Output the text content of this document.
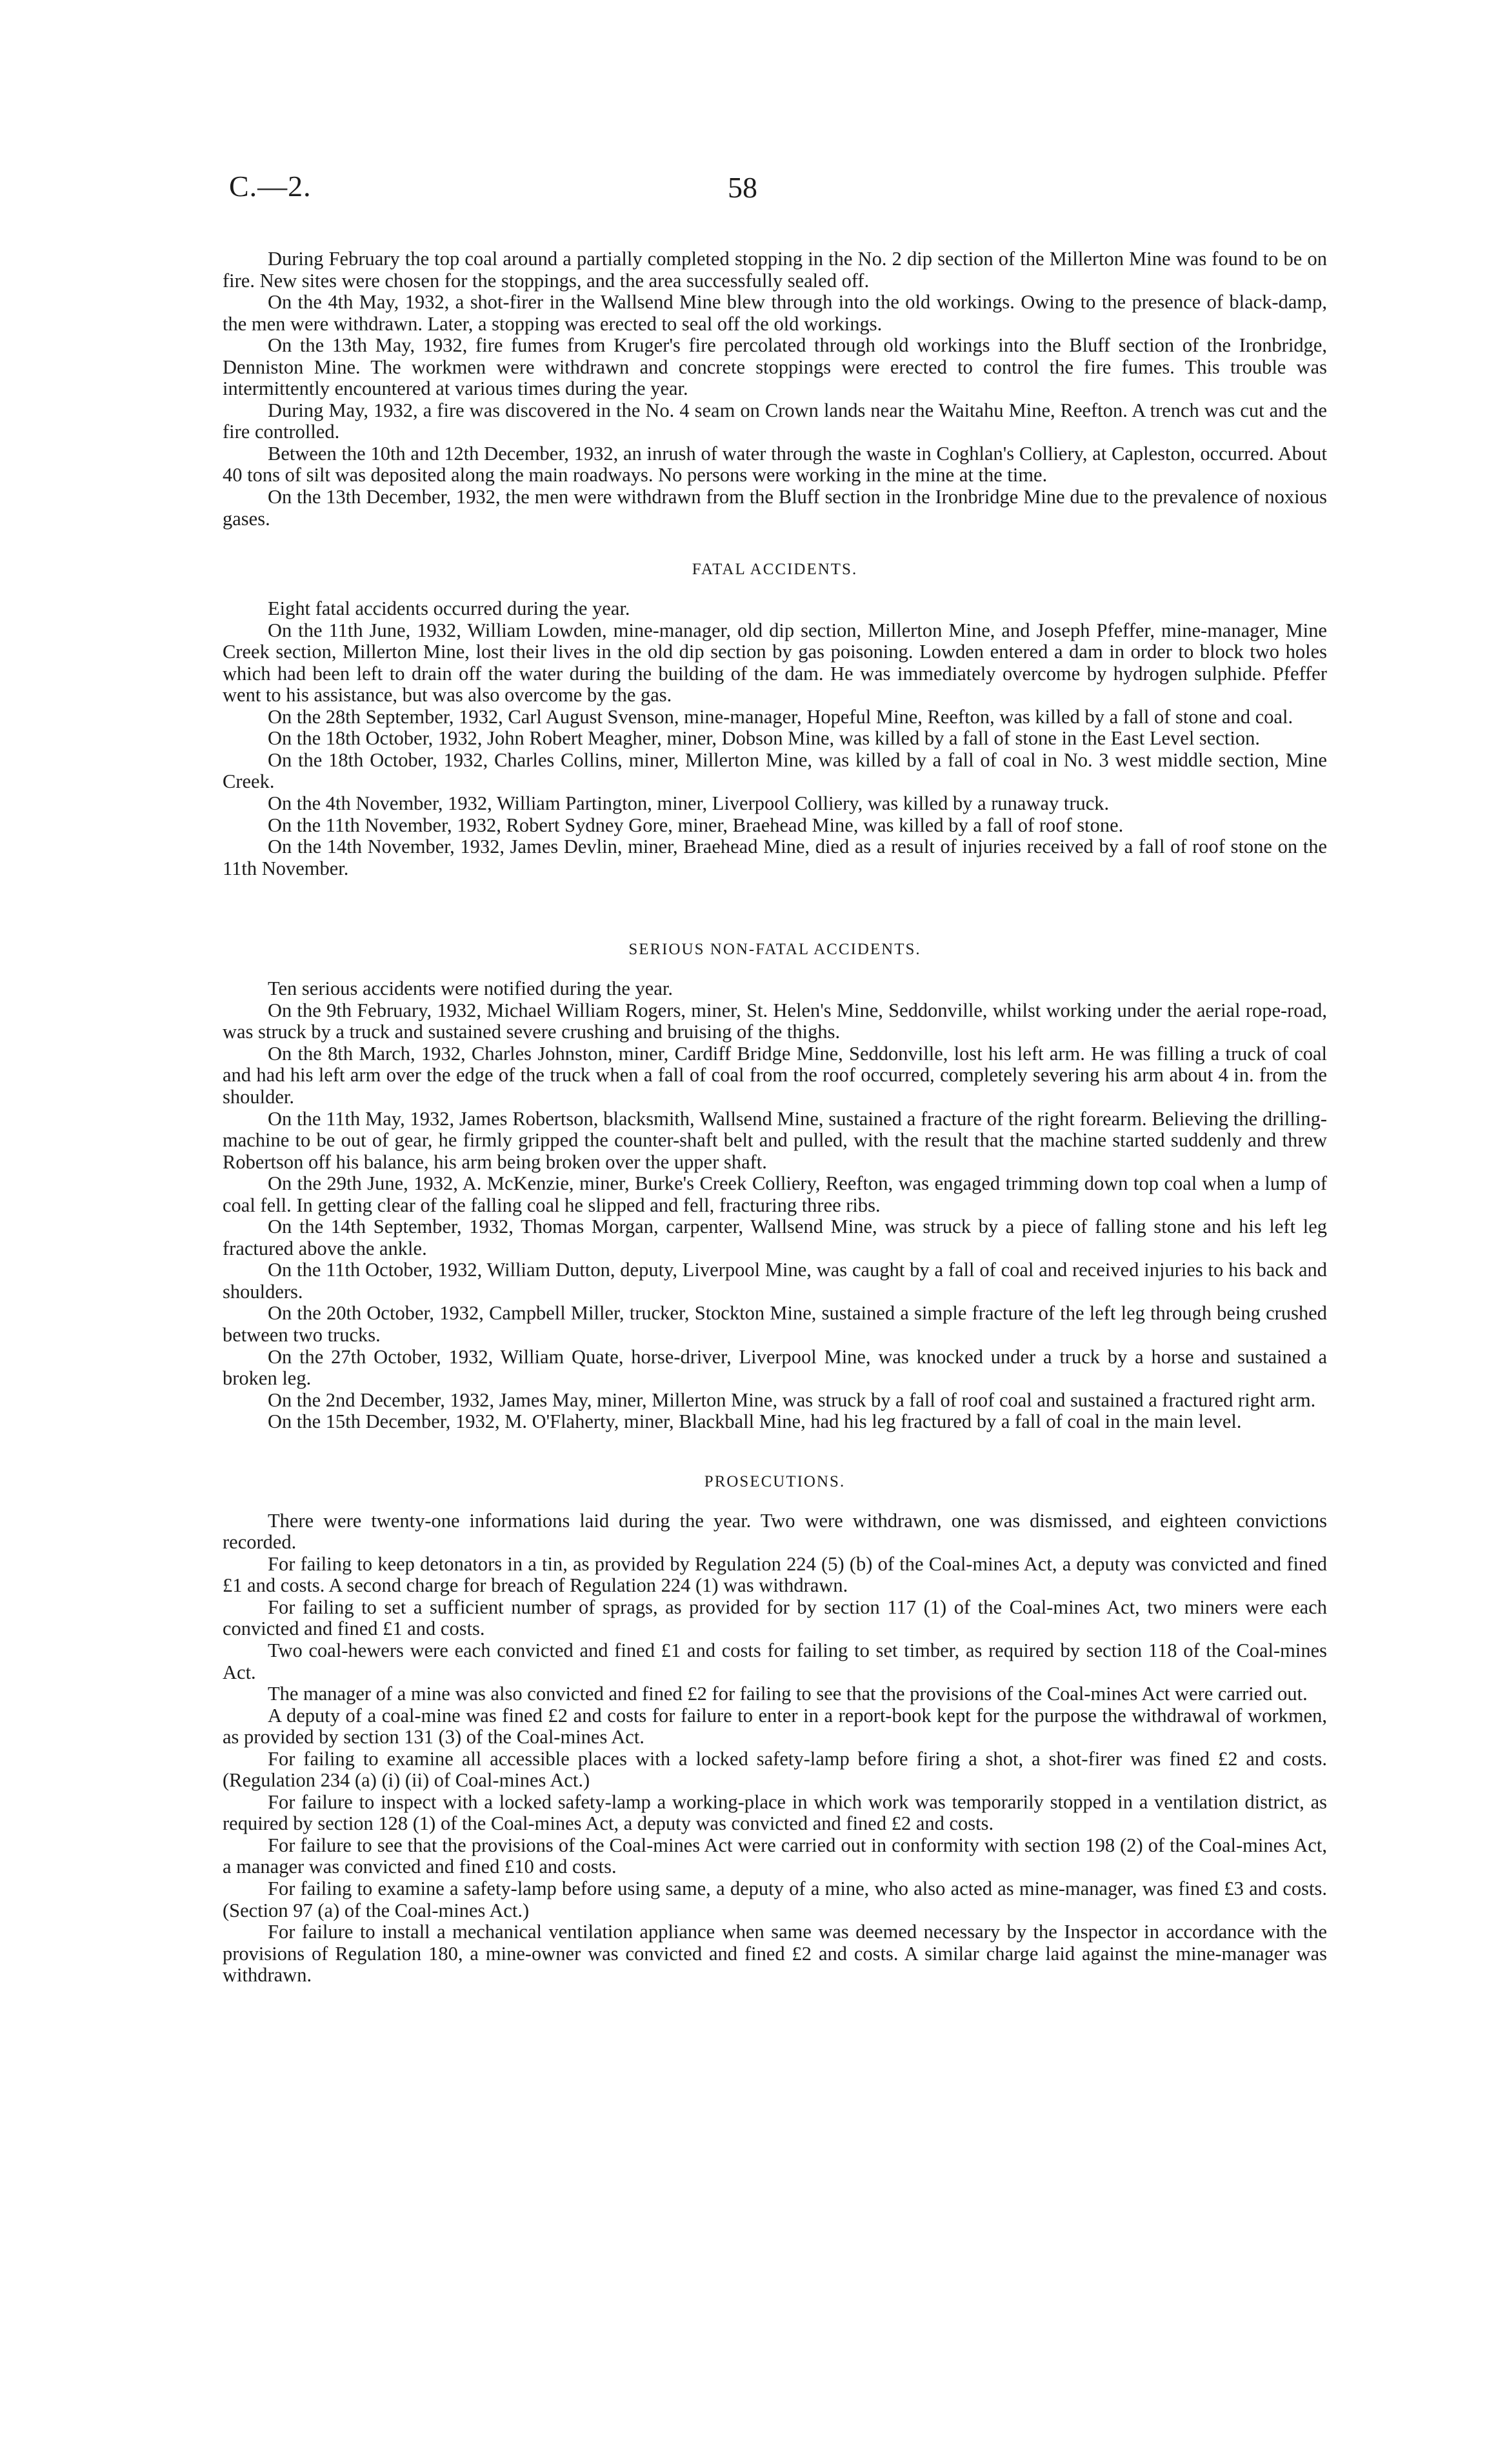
C.—2.	58

During February the top coal around a partially completed stopping in the No. 2 dip section of the Millerton Mine was found to be on fire. New sites were chosen for the stoppings, and the area successfully sealed off.

On the 4th May, 1932, a shot-firer in the Wallsend Mine blew through into the old workings. Owing to the presence of black-damp, the men were withdrawn. Later, a stopping was erected to seal off the old workings.

On the 13th May, 1932, fire fumes from Kruger's fire percolated through old workings into the Bluff section of the Ironbridge, Denniston Mine. The workmen were withdrawn and concrete stoppings were erected to control the fire fumes. This trouble was intermittently encountered at various times during the year.

During May, 1932, a fire was discovered in the No. 4 seam on Crown lands near the Waitahu Mine, Reefton. A trench was cut and the fire controlled.

Between the 10th and 12th December, 1932, an inrush of water through the waste in Coghlan's Colliery, at Capleston, occurred. About 40 tons of silt was deposited along the main roadways. No persons were working in the mine at the time.

On the 13th December, 1932, the men were withdrawn from the Bluff section in the Ironbridge Mine due to the prevalence of noxious gases.

FATAL ACCIDENTS.

Eight fatal accidents occurred during the year.

On the 11th June, 1932, William Lowden, mine-manager, old dip section, Millerton Mine, and Joseph Pfeffer, mine-manager, Mine Creek section, Millerton Mine, lost their lives in the old dip section by gas poisoning. Lowden entered a dam in order to block two holes which had been left to drain off the water during the building of the dam. He was immediately overcome by hydrogen sulphide. Pfeffer went to his assistance, but was also overcome by the gas.

On the 28th September, 1932, Carl August Svenson, mine-manager, Hopeful Mine, Reefton, was killed by a fall of stone and coal.

On the 18th October, 1932, John Robert Meagher, miner, Dobson Mine, was killed by a fall of stone in the East Level section.

On the 18th October, 1932, Charles Collins, miner, Millerton Mine, was killed by a fall of coal in No. 3 west middle section, Mine Creek.

On the 4th November, 1932, William Partington, miner, Liverpool Colliery, was killed by a runaway truck.

On the 11th November, 1932, Robert Sydney Gore, miner, Braehead Mine, was killed by a fall of roof stone.

On the 14th November, 1932, James Devlin, miner, Braehead Mine, died as a result of injuries received by a fall of roof stone on the 11th November.

SERIOUS NON-FATAL ACCIDENTS.

Ten serious accidents were notified during the year.

On the 9th February, 1932, Michael William Rogers, miner, St. Helen's Mine, Seddonville, whilst working under the aerial rope-road, was struck by a truck and sustained severe crushing and bruising of the thighs.

On the 8th March, 1932, Charles Johnston, miner, Cardiff Bridge Mine, Seddonville, lost his left arm. He was filling a truck of coal and had his left arm over the edge of the truck when a fall of coal from the roof occurred, completely severing his arm about 4 in. from the shoulder.

On the 11th May, 1932, James Robertson, blacksmith, Wallsend Mine, sustained a fracture of the right forearm. Believing the drilling-machine to be out of gear, he firmly gripped the counter-shaft belt and pulled, with the result that the machine started suddenly and threw Robertson off his balance, his arm being broken over the upper shaft.

On the 29th June, 1932, A. McKenzie, miner, Burke's Creek Colliery, Reefton, was engaged trimming down top coal when a lump of coal fell. In getting clear of the falling coal he slipped and fell, fracturing three ribs.

On the 14th September, 1932, Thomas Morgan, carpenter, Wallsend Mine, was struck by a piece of falling stone and his left leg fractured above the ankle.

On the 11th October, 1932, William Dutton, deputy, Liverpool Mine, was caught by a fall of coal and received injuries to his back and shoulders.

On the 20th October, 1932, Campbell Miller, trucker, Stockton Mine, sustained a simple fracture of the left leg through being crushed between two trucks.

On the 27th October, 1932, William Quate, horse-driver, Liverpool Mine, was knocked under a truck by a horse and sustained a broken leg.

On the 2nd December, 1932, James May, miner, Millerton Mine, was struck by a fall of roof coal and sustained a fractured right arm.

On the 15th December, 1932, M. O'Flaherty, miner, Blackball Mine, had his leg fractured by a fall of coal in the main level.

PROSECUTIONS.

There were twenty-one informations laid during the year. Two were withdrawn, one was dismissed, and eighteen convictions recorded.

For failing to keep detonators in a tin, as provided by Regulation 224 (5) (b) of the Coal-mines Act, a deputy was convicted and fined £1 and costs. A second charge for breach of Regulation 224 (1) was withdrawn.

For failing to set a sufficient number of sprags, as provided for by section 117 (1) of the Coal-mines Act, two miners were each convicted and fined £1 and costs.

Two coal-hewers were each convicted and fined £1 and costs for failing to set timber, as required by section 118 of the Coal-mines Act.

The manager of a mine was also convicted and fined £2 for failing to see that the provisions of the Coal-mines Act were carried out.

A deputy of a coal-mine was fined £2 and costs for failure to enter in a report-book kept for the purpose the withdrawal of workmen, as provided by section 131 (3) of the Coal-mines Act.

For failing to examine all accessible places with a locked safety-lamp before firing a shot, a shot-firer was fined £2 and costs. (Regulation 234 (a) (i) (ii) of Coal-mines Act.)

For failure to inspect with a locked safety-lamp a working-place in which work was temporarily stopped in a ventilation district, as required by section 128 (1) of the Coal-mines Act, a deputy was convicted and fined £2 and costs.

For failure to see that the provisions of the Coal-mines Act were carried out in conformity with section 198 (2) of the Coal-mines Act, a manager was convicted and fined £10 and costs.

For failing to examine a safety-lamp before using same, a deputy of a mine, who also acted as mine-manager, was fined £3 and costs. (Section 97 (a) of the Coal-mines Act.)

For failure to install a mechanical ventilation appliance when same was deemed necessary by the Inspector in accordance with the provisions of Regulation 180, a mine-owner was convicted and fined £2 and costs. A similar charge laid against the mine-manager was withdrawn.
